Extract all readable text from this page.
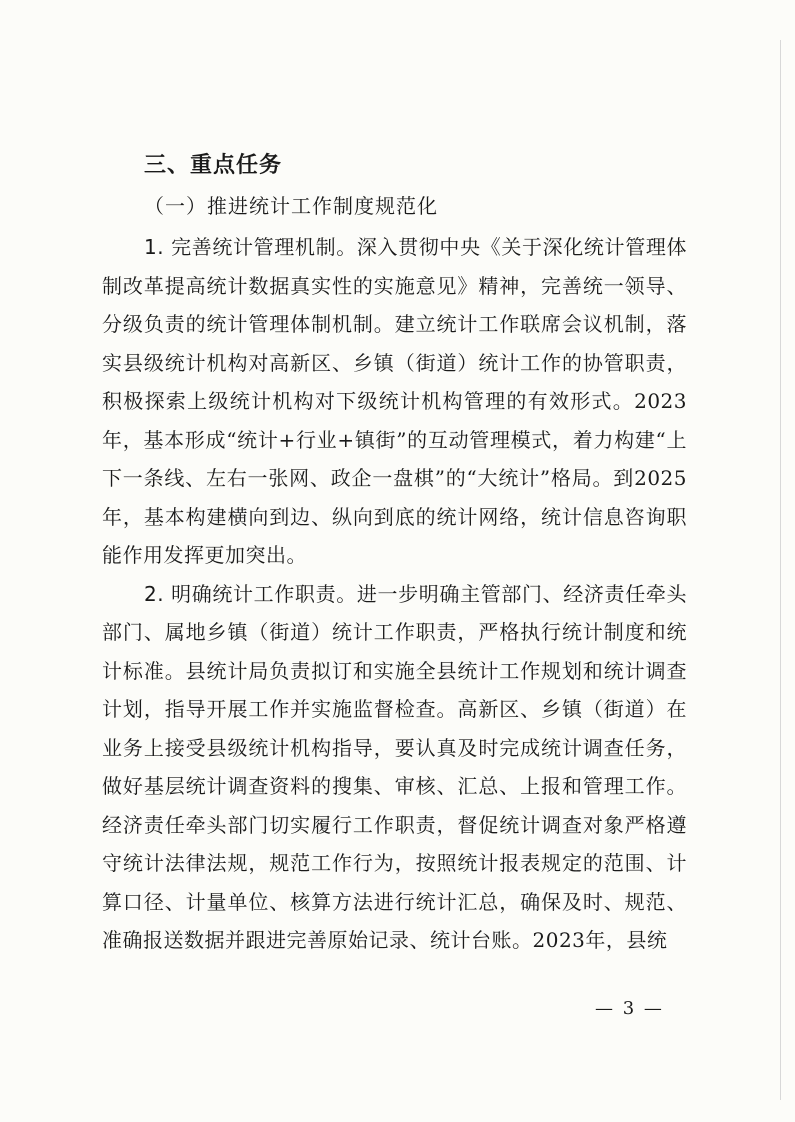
三、重点任务
（一）推进统计工作制度规范化

1. 完善统计管理机制。深入贯彻中央《关于深化统计管理体制改革提高统计数据真实性的实施意见》精神，完善统一领导、分级负责的统计管理体制机制。建立统计工作联席会议机制，落实县级统计机构对高新区、乡镇（街道）统计工作的协管职责，积极探索上级统计机构对下级统计机构管理的有效形式。2023年，基本形成“统计+行业+镇街”的互动管理模式，着力构建“上下一条线、左右一张网、政企一盘棋”的“大统计”格局。到2025年，基本构建横向到边、纵向到底的统计网络，统计信息咨询职能作用发挥更加突出。

2. 明确统计工作职责。进一步明确主管部门、经济责任牵头部门、属地乡镇（街道）统计工作职责，严格执行统计制度和统计标准。县统计局负责拟订和实施全县统计工作规划和统计调查计划，指导开展工作并实施监督检查。高新区、乡镇（街道）在业务上接受县级统计机构指导，要认真及时完成统计调查任务，做好基层统计调查资料的搜集、审核、汇总、上报和管理工作。经济责任牵头部门切实履行工作职责，督促统计调查对象严格遵守统计法律法规，规范工作行为，按照统计报表规定的范围、计算口径、计量单位、核算方法进行统计汇总，确保及时、规范、准确报送数据并跟进完善原始记录、统计台账。2023年，县统

— 3 —
